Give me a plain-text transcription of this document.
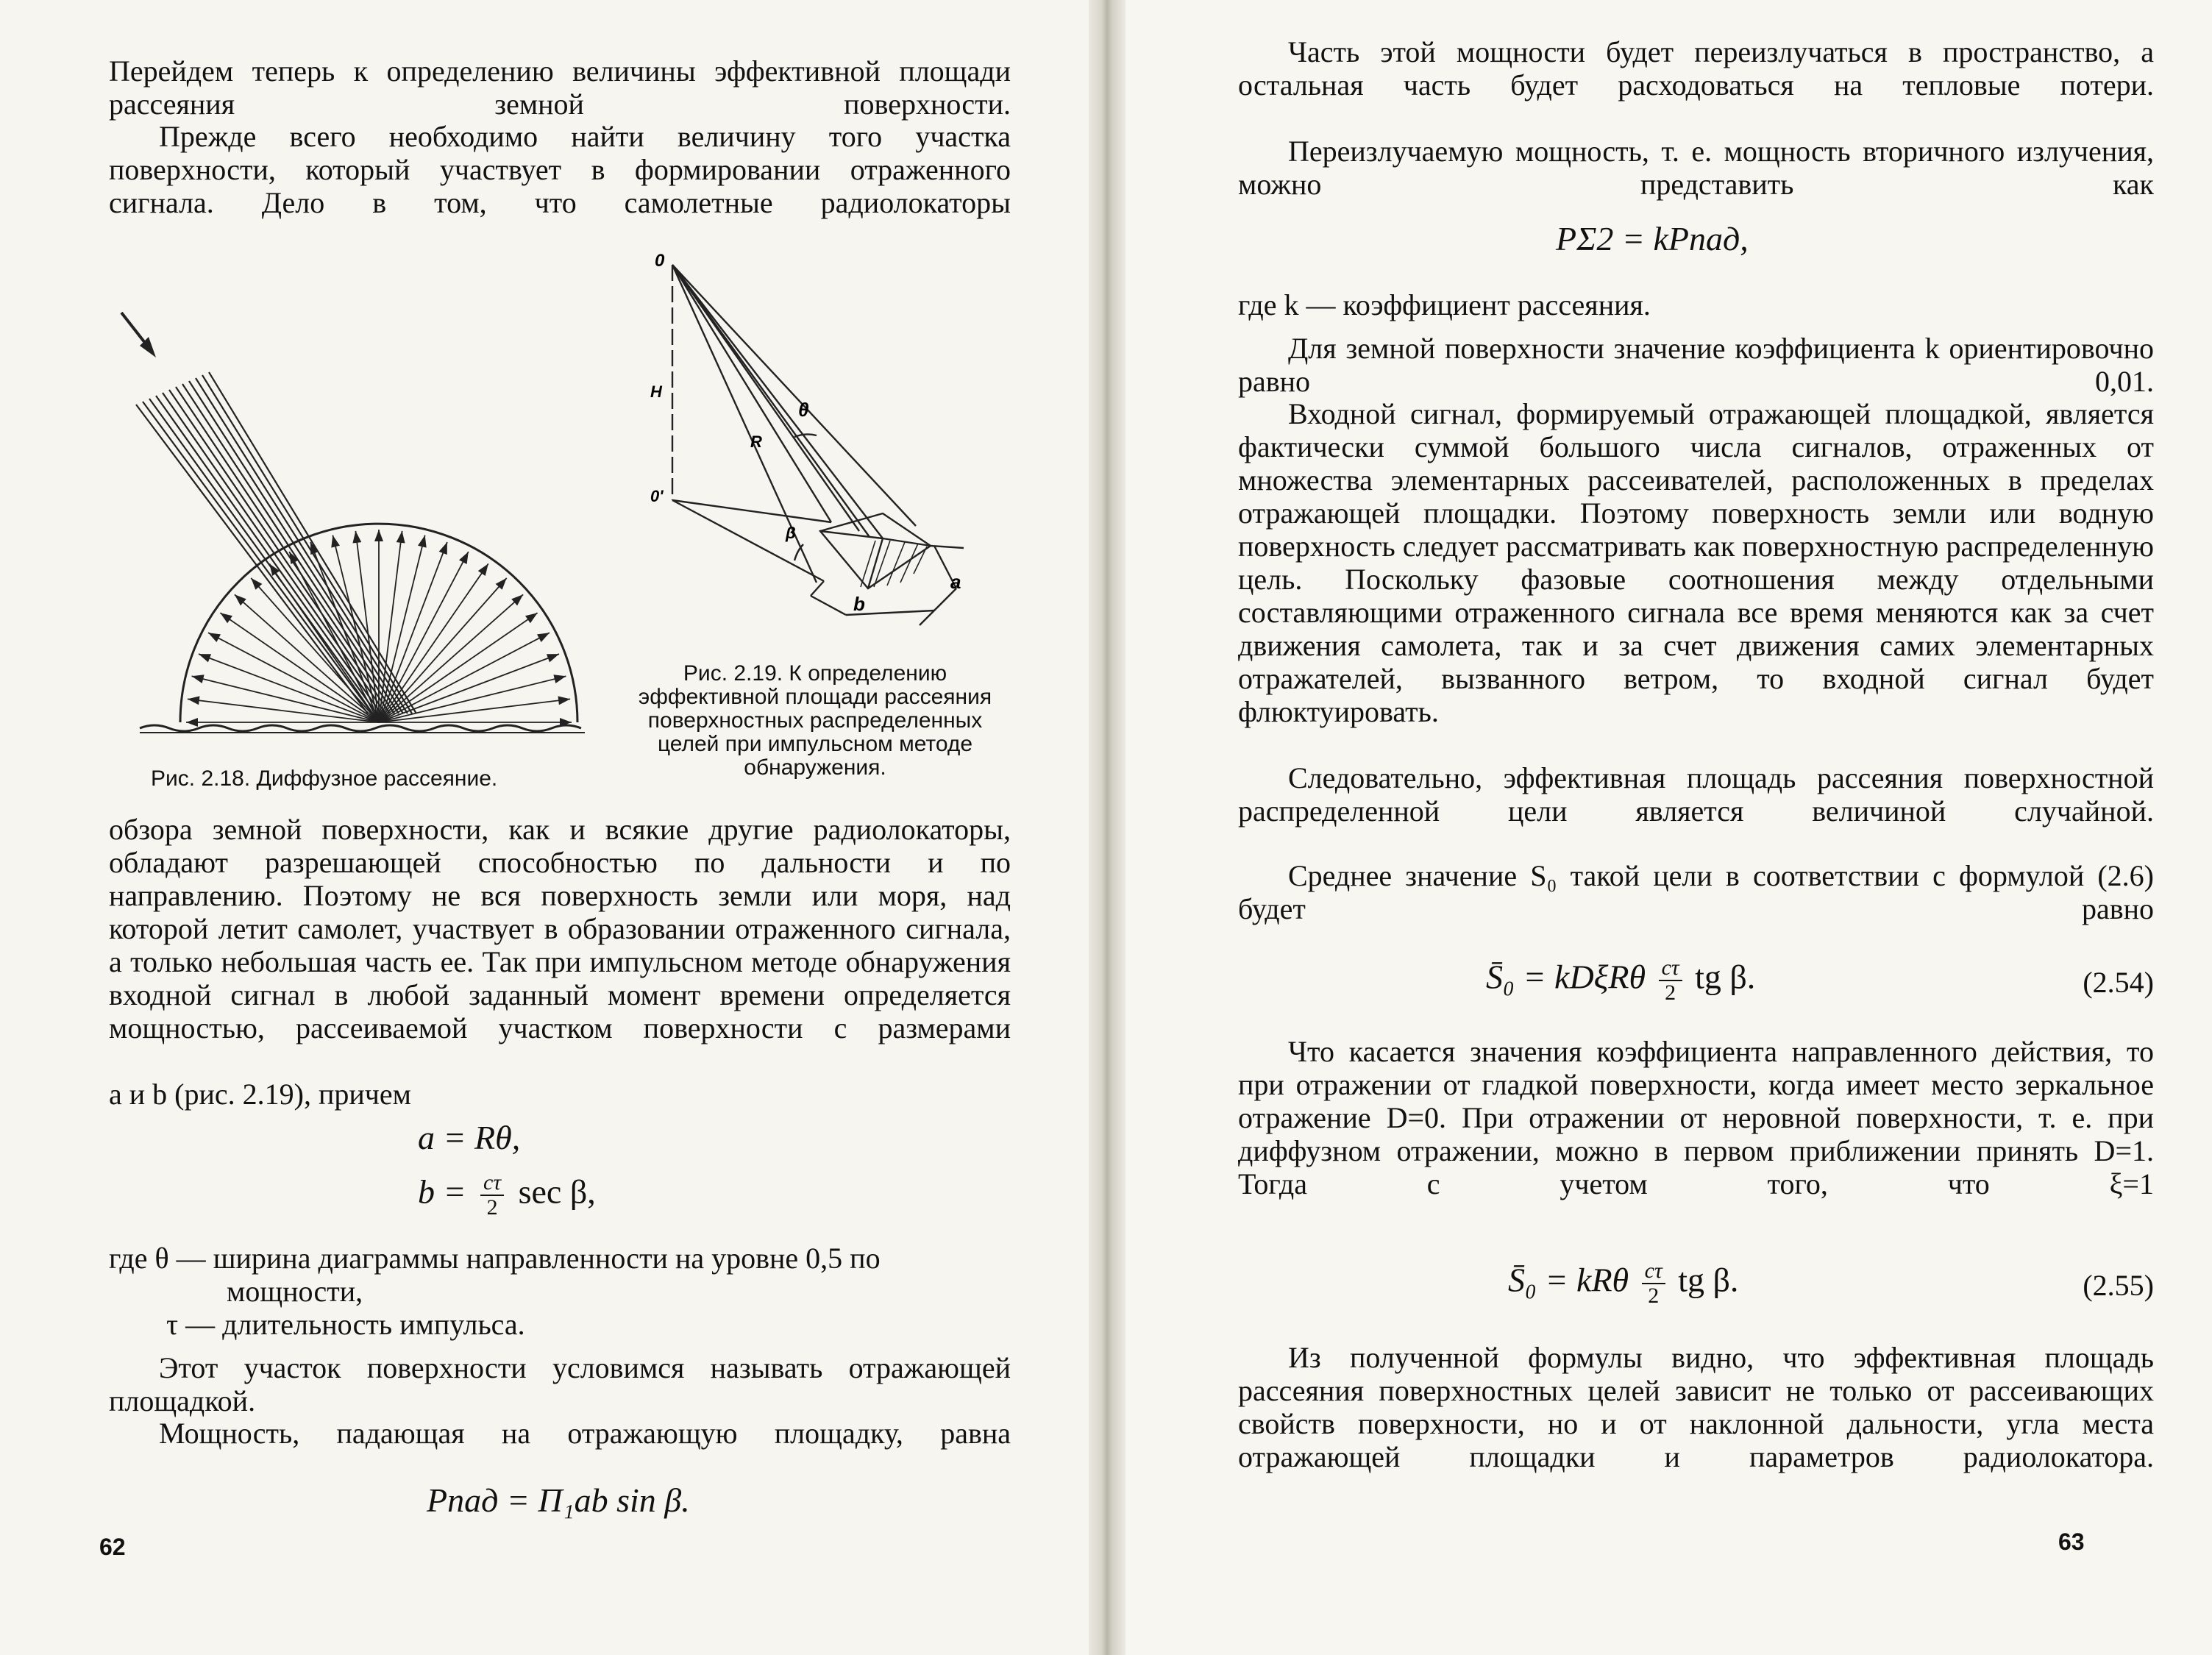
Перейдем теперь к определению величины эффективной площади рассеяния земной поверхности.

Прежде всего необходимо найти величину того участка поверхности, который участвует в формировании отраженного сигнала. Дело в том, что самолетные радиолокаторы

Рис. 2.18. Диффузное рассеяние.

0
H
0'
R
θ
β
a
b

Рис. 2.19. К определению эффективной площади рассеяния поверхностных распределенных целей при импульсном методе обнаружения.

обзора земной поверхности, как и всякие другие радиолокаторы, обладают разрешающей способностью по дальности и по направлению. Поэтому не вся поверхность земли или моря, над которой летит самолет, участвует в образовании отраженного сигнала, а только небольшая часть ее. Так при импульсном методе обнаружения входной сигнал в любой заданный момент времени определяется мощностью, рассеиваемой участком поверхности с размерами

a и b (рис. 2.19), причем

a = Rθ,
$b = \frac{c\tau}{2}$ sec β,
где θ — ширина диаграммы направленности на уровне 0,5 по

мощности,

τ — длительность импульса.

Этот участок поверхности условимся называть отражающей площадкой.

Мощность, падающая на отражающую площадку, равна

Pпад = П₁ab sin β.
62

Часть этой мощности будет переизлучаться в пространство, а остальная часть будет расходоваться на тепловые потери.

Переизлучаемую мощность, т. е. мощность вторичного излучения, можно представить как

PΣ2 = kPпад,

где k — коэффициент рассеяния.

Для земной поверхности значение коэффициента k ориентировочно равно 0,01.

Входной сигнал, формируемый отражающей площадкой, является фактически суммой большого числа сигналов, отраженных от множества элементарных рассеивателей, расположенных в пределах отражающей площадки. Поэтому поверхность земли или водную поверхность следует рассматривать как поверхностную распределенную цель. Поскольку фазовые соотношения между отдельными составляющими отраженного сигнала все время меняются как за счет движения самолета, так и за счет движения самих элементарных отражателей, вызванного ветром, то входной сигнал будет флюктуировать.

Следовательно, эффективная площадь рассеяния поверхностной распределенной цели является величиной случайной.

Среднее значение S₀ такой цели в соответствии с формулой (2.6) будет равно

S̄₀ = kDξRθ $\frac{c\tau}{2}$ tg β.	(2.54)

Что касается значения коэффициента направленного действия, то при отражении от гладкой поверхности, когда имеет место зеркальное отражение D=0. При отражении от неровной поверхности, т. е. при диффузном отражении, можно в первом приближении принять D=1. Тогда с учетом того, что ξ=1

S̄₀ = kRθ $\frac{c\tau}{2}$ tg β.	(2.55)

Из полученной формулы видно, что эффективная площадь рассеяния поверхностных целей зависит не только от рассеивающих свойств поверхности, но и от наклонной дальности, угла места отражающей площадки и параметров радиолокатора.

63
